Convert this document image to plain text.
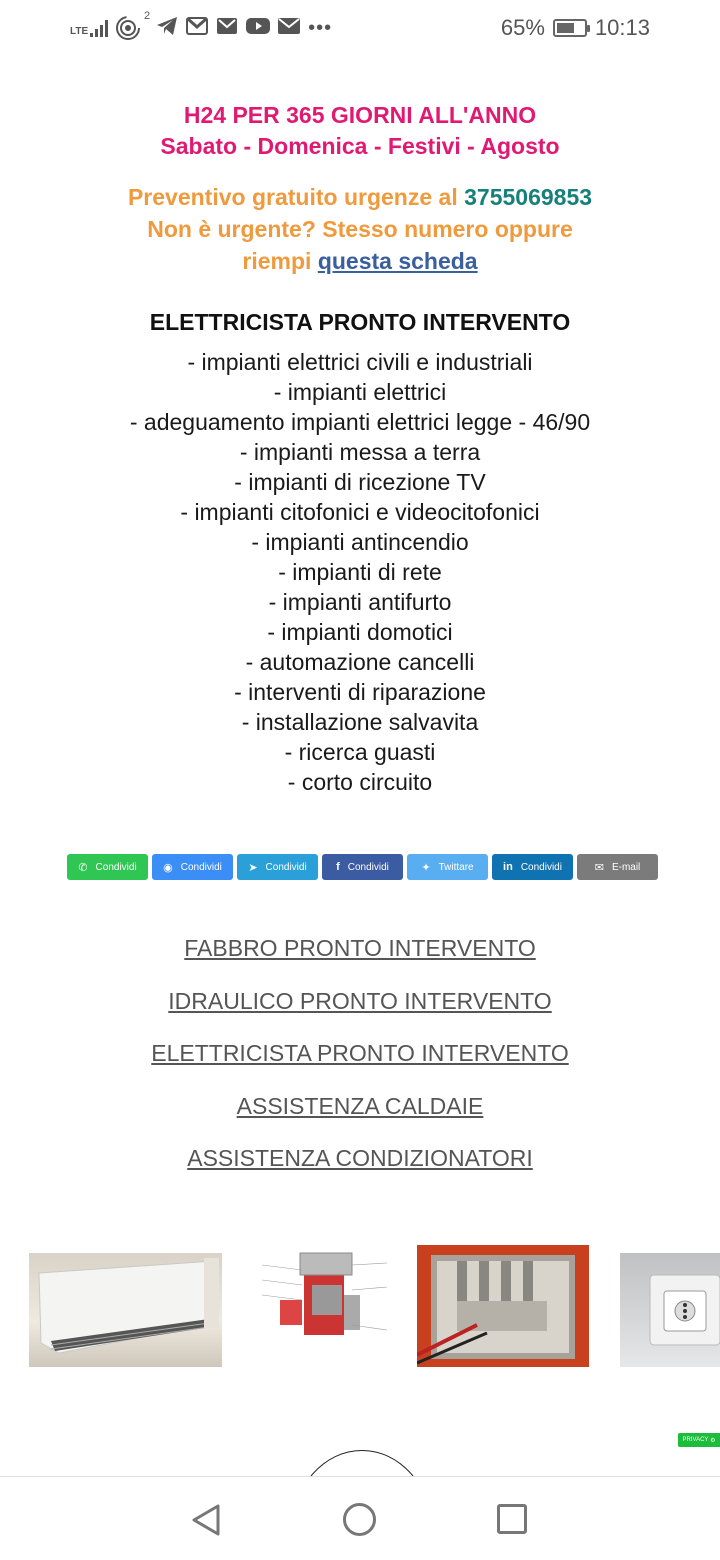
LTE
2
•••	65% 10:13
H24 PER 365 GIORNI ALL'ANNO
Sabato - Domenica - Festivi - Agosto
Preventivo gratuito urgenze al 3755069853
Non è urgente? Stesso numero oppure
riempi questa scheda
ELETTRICISTA PRONTO INTERVENTO
- impianti elettrici civili e industriali
- impianti elettrici
- adeguamento impianti elettrici legge - 46/90
- impianti messa a terra
- impianti di ricezione TV
- impianti citofonici e videocitofonici
- impianti antincendio
- impianti di rete
- impianti antifurto
- impianti domotici
- automazione cancelli
- interventi di riparazione
- installazione salvavita
- ricerca guasti
- corto circuito
✆ Condividi ◉ Condividi ➤ Condividi	f Condividi	✦ Twittare	in Condividi	✉ E-mail
FABBRO PRONTO INTERVENTO
IDRAULICO PRONTO INTERVENTO
ELETTRICISTA PRONTO INTERVENTO
ASSISTENZA CALDAIE
ASSISTENZA CONDIZIONATORI
PRIVACY
⚙
